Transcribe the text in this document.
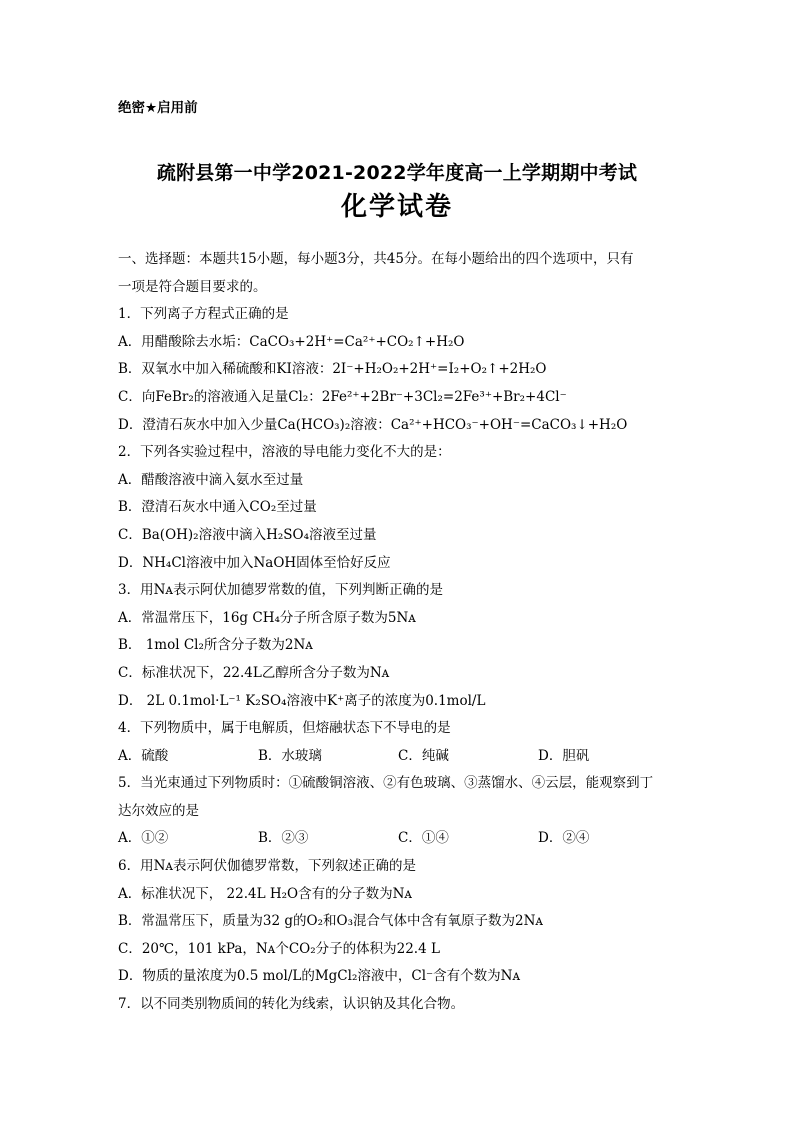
绝密★启用前
疏附县第一中学2021-2022学年度高一上学期期中考试
化学试卷
一、选择题：本题共15小题，每小题3分，共45分。在每小题给出的四个选项中，只有
一项是符合题目要求的。
1．下列离子方程式正确的是
A．用醋酸除去水垢：CaCO₃+2H⁺=Ca²⁺+CO₂↑+H₂O
B．双氧水中加入稀硫酸和KI溶液：2I⁻+H₂O₂+2H⁺=I₂+O₂↑+2H₂O
C．向FeBr₂的溶液通入足量Cl₂：2Fe²⁺+2Br⁻+3Cl₂=2Fe³⁺+Br₂+4Cl⁻
D．澄清石灰水中加入少量Ca(HCO₃)₂溶液：Ca²⁺+HCO₃⁻+OH⁻=CaCO₃↓+H₂O
2．下列各实验过程中，溶液的导电能力变化不大的是：
A．醋酸溶液中滴入氨水至过量
B．澄清石灰水中通入CO₂至过量
C．Ba(OH)₂溶液中滴入H₂SO₄溶液至过量
D．NH₄Cl溶液中加入NaOH固体至恰好反应
3．用Nᴀ表示阿伏加德罗常数的值，下列判断正确的是
A．常温常压下，16g CH₄分子所含原子数为5Nᴀ
B． 1mol Cl₂所含分子数为2Nᴀ
C．标准状况下，22.4L乙醇所含分子数为Nᴀ
D． 2L 0.1mol·L⁻¹ K₂SO₄溶液中K⁺离子的浓度为0.1mol/L
4．下列物质中，属于电解质，但熔融状态下不导电的是
A．硫酸	B．水玻璃	C．纯碱	D．胆矾
5．当光束通过下列物质时：①硫酸铜溶液、②有色玻璃、③蒸馏水、④云层，能观察到丁
达尔效应的是
A．①②	B．②③	C．①④	D．②④
6．用Nᴀ表示阿伏伽德罗常数，下列叙述正确的是
A．标准状况下， 22.4L H₂O含有的分子数为Nᴀ
B．常温常压下，质量为32 g的O₂和O₃混合气体中含有氧原子数为2Nᴀ
C．20℃，101 kPa，Nᴀ个CO₂分子的体积为22.4 L
D．物质的量浓度为0.5 mol/L的MgCl₂溶液中，Cl⁻含有个数为Nᴀ
7．以不同类别物质间的转化为线索，认识钠及其化合物。
